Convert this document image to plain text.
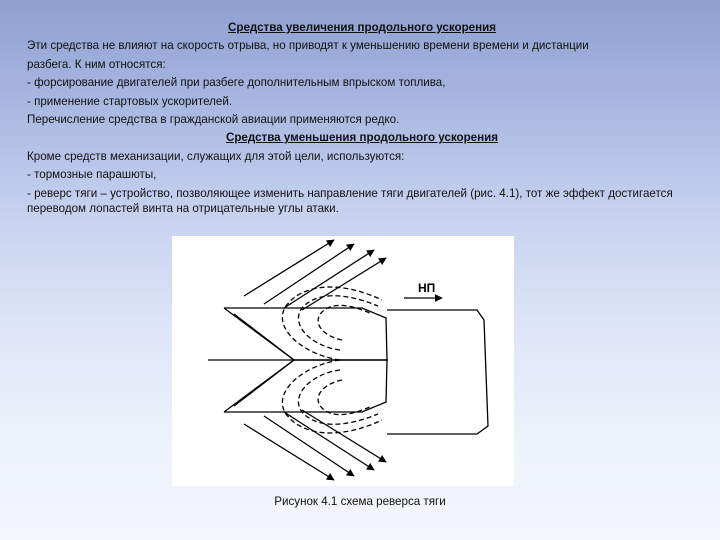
Средства увеличения продольного ускорения
Эти средства не влияют на скорость отрыва, но приводят к уменьшению времени времени и дистанции
разбега. К ним относятся:
- форсирование двигателей при разбеге дополнительным впрыском топлива,
- применение стартовых ускорителей.
Перечисление средства в гражданской авиации применяются редко.
Средства уменьшения продольного ускорения
Кроме средств механизации, служащих для этой цели, используются:
- тормозные парашюты,
- реверс тяги – устройство, позволяющее изменить направление тяги двигателей (рис. 4.1), тот же эффект достигается переводом лопастей винта на отрицательные углы атаки.
НП
Рисунок 4.1 схема реверса тяги
